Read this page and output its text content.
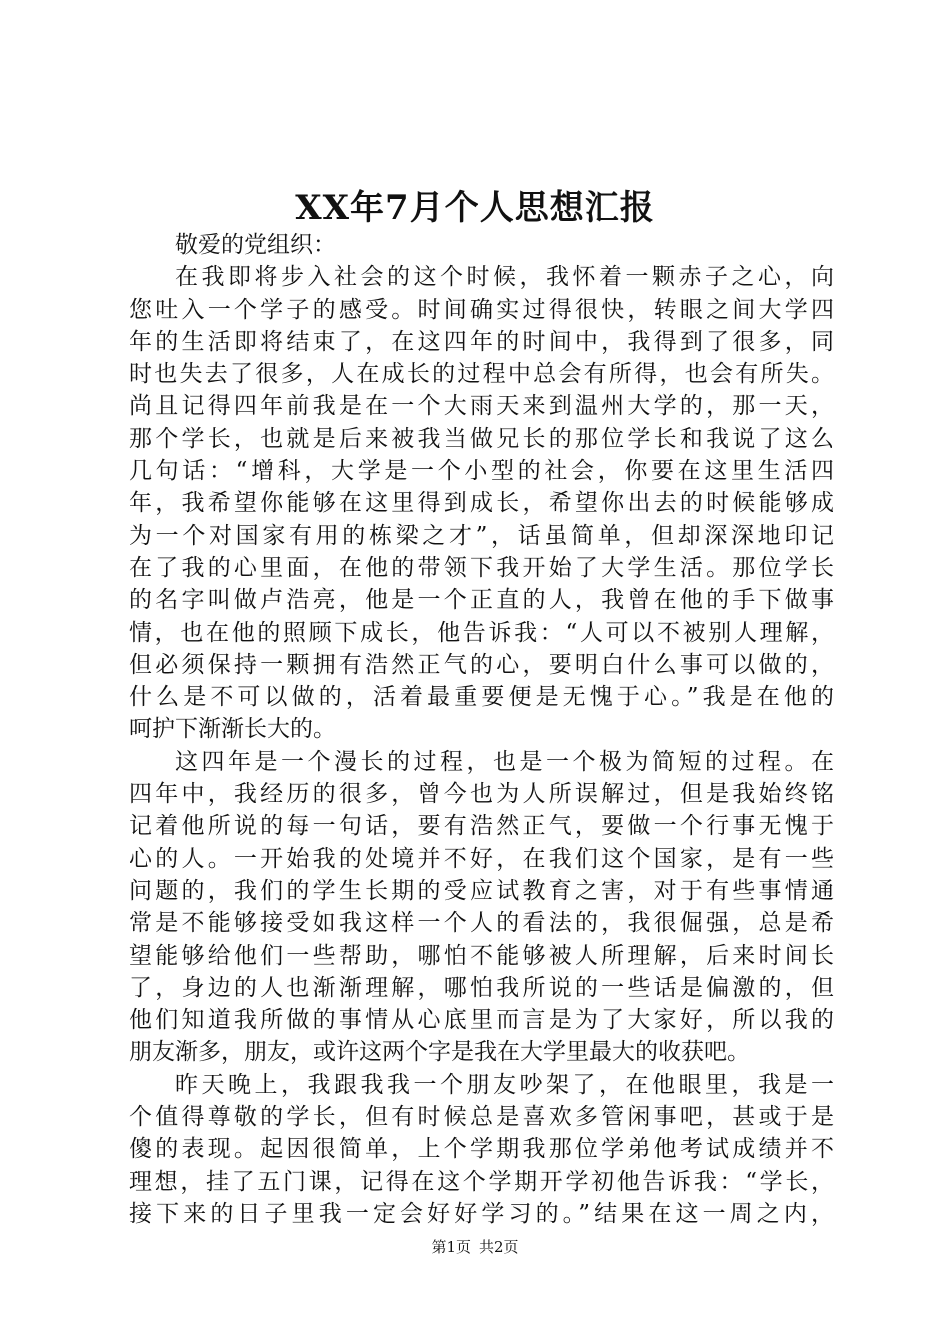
XX年7月个人思想汇报
敬爱的党组织：
在我即将步入社会的这个时候，我怀着一颗赤子之心，向
您吐入一个学子的感受。时间确实过得很快，转眼之间大学四
年的生活即将结束了，在这四年的时间中，我得到了很多，同
时也失去了很多，人在成长的过程中总会有所得，也会有所失。
尚且记得四年前我是在一个大雨天来到温州大学的，那一天，
那个学长，也就是后来被我当做兄长的那位学长和我说了这么
几句话：“增科，大学是一个小型的社会，你要在这里生活四
年，我希望你能够在这里得到成长，希望你出去的时候能够成
为一个对国家有用的栋梁之才”，话虽简单，但却深深地印记
在了我的心里面，在他的带领下我开始了大学生活。那位学长
的名字叫做卢浩亮，他是一个正直的人，我曾在他的手下做事
情，也在他的照顾下成长，他告诉我：“人可以不被别人理解，
但必须保持一颗拥有浩然正气的心，要明白什么事可以做的，
什么是不可以做的，活着最重要便是无愧于心。”我是在他的
呵护下渐渐长大的。
这四年是一个漫长的过程，也是一个极为简短的过程。在
四年中，我经历的很多，曾今也为人所误解过，但是我始终铭
记着他所说的每一句话，要有浩然正气，要做一个行事无愧于
心的人。一开始我的处境并不好，在我们这个国家，是有一些
问题的，我们的学生长期的受应试教育之害，对于有些事情通
常是不能够接受如我这样一个人的看法的，我很倔强，总是希
望能够给他们一些帮助，哪怕不能够被人所理解，后来时间长
了，身边的人也渐渐理解，哪怕我所说的一些话是偏激的，但
他们知道我所做的事情从心底里而言是为了大家好，所以我的
朋友渐多，朋友，或许这两个字是我在大学里最大的收获吧。
昨天晚上，我跟我我一个朋友吵架了，在他眼里，我是一
个值得尊敬的学长，但有时候总是喜欢多管闲事吧，甚或于是
傻的表现。起因很简单，上个学期我那位学弟他考试成绩并不
理想，挂了五门课，记得在这个学期开学初他告诉我：“学长，
接下来的日子里我一定会好好学习的。”结果在这一周之内，
第1页 共2页
